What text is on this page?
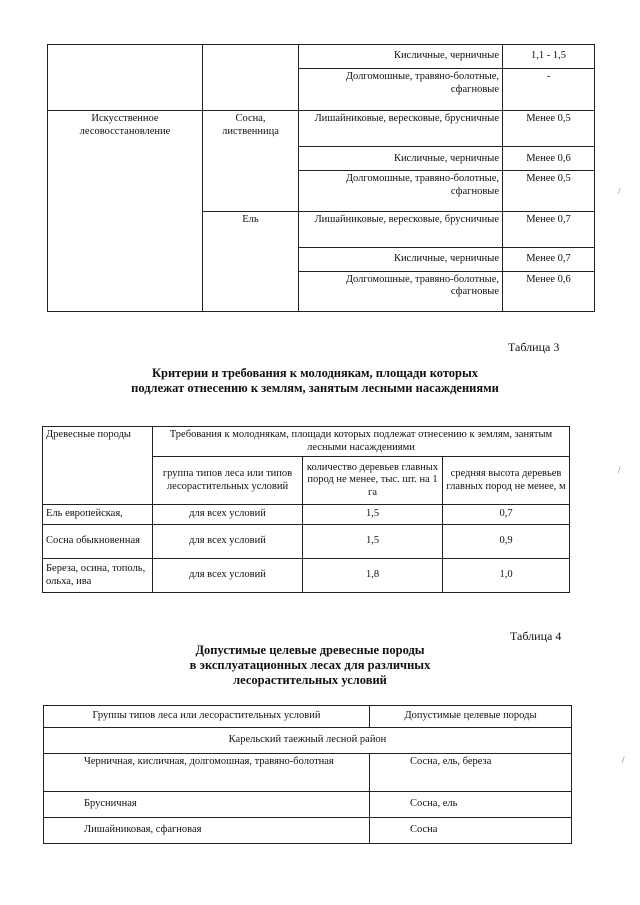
		Кисличные, черничные	1,1 - 1,5
		Долгомошные, травяно-болотные, сфагновые	-
Искусственное лесовосстановление	Сосна, лиственница	Лишайниковые, вересковые, брусничные	Менее 0,5
		Кисличные, черничные	Менее 0,6
		Долгомошные, травяно-болотные, сфагновые	Менее 0,5
	Ель	Лишайниковые, вересковые, брусничные	Менее 0,7
		Кисличные, черничные	Менее 0,7
		Долгомошные, травяно-болотные, сфагновые	Менее 0,6
Таблица 3
Критерии и требования к молоднякам, площади которых
подлежат отнесению к землям, занятым лесными насаждениями
Древесные породы	Требования к молоднякам, площади которых подлежат отнесению к землям, занятым лесными насаждениями		
	группа типов леса или типов лесорастительных условий	количество деревьев главных пород не менее, тыс. шт. на 1 га	средняя высота деревьев главных пород не менее, м
Ель европейская,	для всех условий	1,5	0,7
Сосна обыкновенная	для всех условий	1,5	0,9
Береза, осина, тополь, ольха, ива	для всех условий	1,8	1,0
Таблица 4
Допустимые целевые древесные породы
в эксплуатационных лесах для различных
лесорастительных условий
Группы типов леса или лесорастительных условий	Допустимые целевые породы
Карельский таежный лесной район	
Черничная, кисличная, долгомошная, травяно-болотная	Сосна, ель, береза
Брусничная	Сосна, ель
Лишайниковая, сфагновая	Сосна
/
/
/
